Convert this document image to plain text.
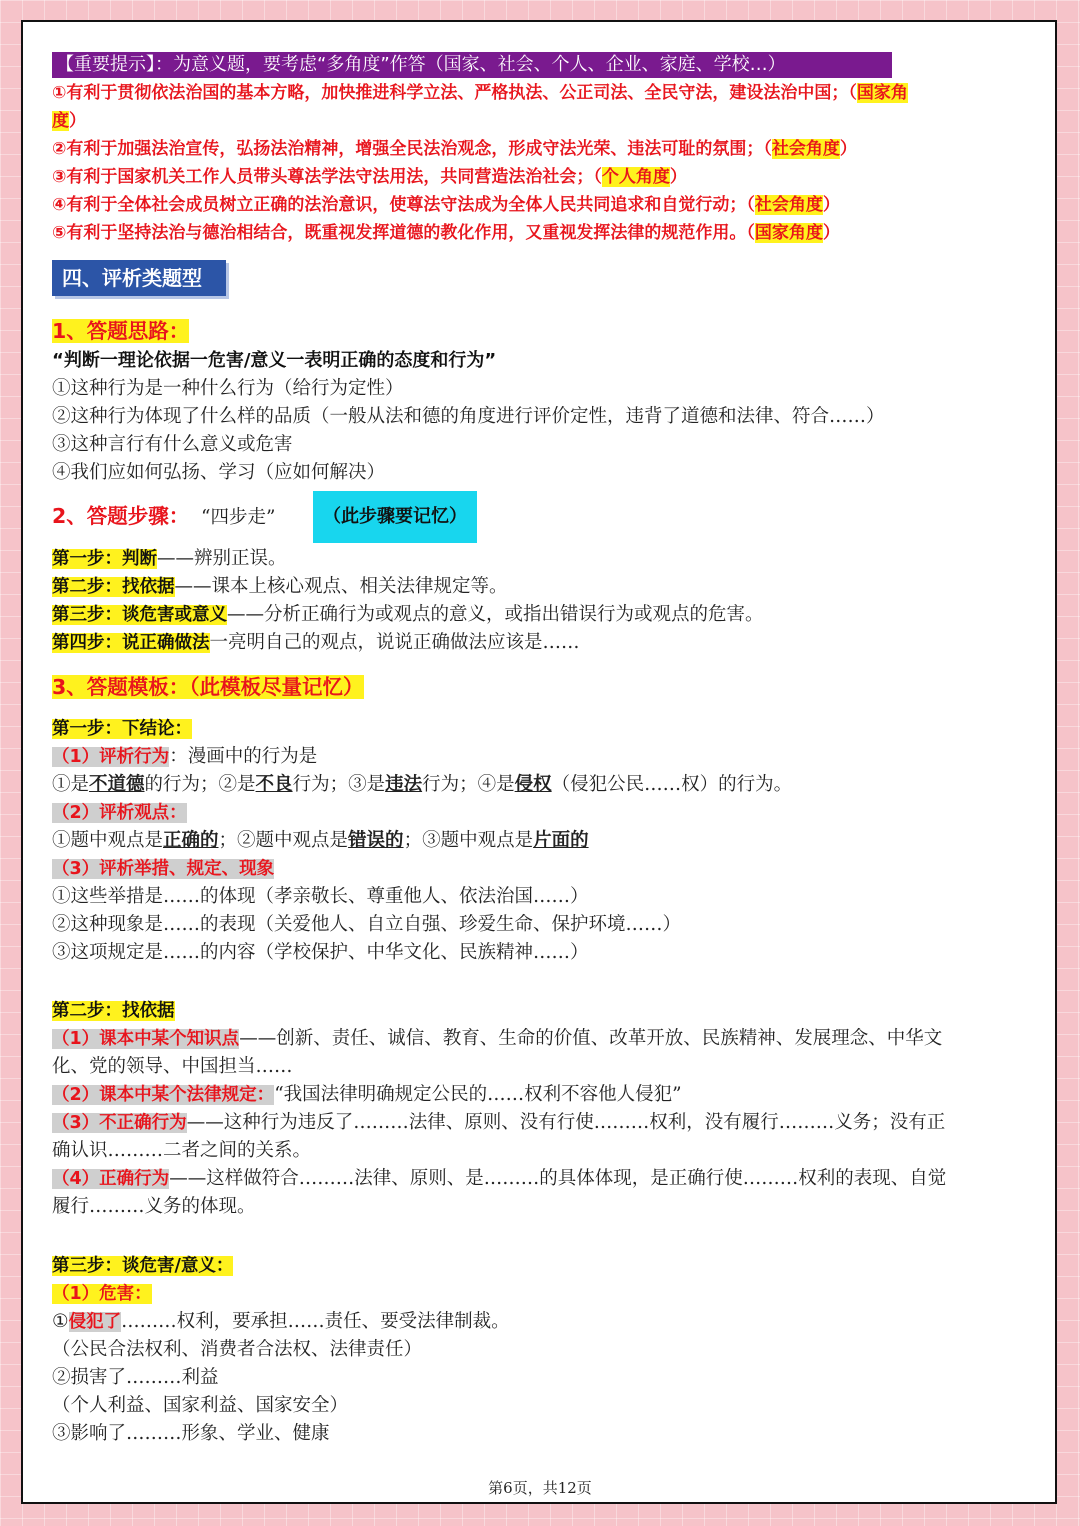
【重要提示】：为意义题，要考虑“多角度”作答（国家、社会、个人、企业、家庭、学校…）
①有利于贯彻依法治国的基本方略，加快推进科学立法、严格执法、公正司法、全民守法，建设法治中国；（国家角
度）
②有利于加强法治宣传，弘扬法治精神，增强全民法治观念，形成守法光荣、违法可耻的氛围；（社会角度）
③有利于国家机关工作人员带头尊法学法守法用法，共同营造法治社会；（个人角度）
④有利于全体社会成员树立正确的法治意识，使尊法守法成为全体人民共同追求和自觉行动；（社会角度）
⑤有利于坚持法治与德治相结合，既重视发挥道德的教化作用，又重视发挥法律的规范作用。（国家角度）
四、评析类题型
1、答题思路：
“判断一理论依据一危害/意义一表明正确的态度和行为”
①这种行为是一种什么行为（给行为定性）
②这种行为体现了什么样的品质（一般从法和德的角度进行评价定性，违背了道德和法律、符合……）
③这种言行有什么意义或危害
④我们应如何弘扬、学习（应如何解决）
2、答题步骤： “四步走”	（此步骤要记忆）
第一步：判断——辨别正误。
第二步：找依据——课本上核心观点、相关法律规定等。
第三步：谈危害或意义——分析正确行为或观点的意义，或指出错误行为或观点的危害。
第四步：说正确做法一亮明自己的观点，说说正确做法应该是……
3、答题模板：（此模板尽量记忆）
第一步：下结论：
（1）评析行为：漫画中的行为是
①是不道德的行为；②是不良行为；③是违法行为；④是侵权（侵犯公民……权）的行为。
（2）评析观点：
①题中观点是正确的；②题中观点是错误的；③题中观点是片面的
（3）评析举措、规定、现象
①这些举措是……的体现（孝亲敬长、尊重他人、依法治国……）
②这种现象是……的表现（关爱他人、自立自强、珍爱生命、保护环境……）
③这项规定是……的内容（学校保护、中华文化、民族精神……）
第二步：找依据
（1）课本中某个知识点——创新、责任、诚信、教育、生命的价值、改革开放、民族精神、发展理念、中华文
化、党的领导、中国担当……
（2）课本中某个法律规定：“我国法律明确规定公民的……权利不容他人侵犯”
（3）不正确行为——这种行为违反了………法律、原则、没有行使………权利，没有履行………义务；没有正
确认识………二者之间的关系。
（4）正确行为——这样做符合………法律、原则、是………的具体体现，是正确行使………权利的表现、自觉
履行………义务的体现。
第三步：谈危害/意义：
（1）危害：
①侵犯了………权利，要承担……责任、要受法律制裁。
（公民合法权利、消费者合法权、法律责任）
②损害了………利益
（个人利益、国家利益、国家安全）
③影响了………形象、学业、健康
第6页，共12页
